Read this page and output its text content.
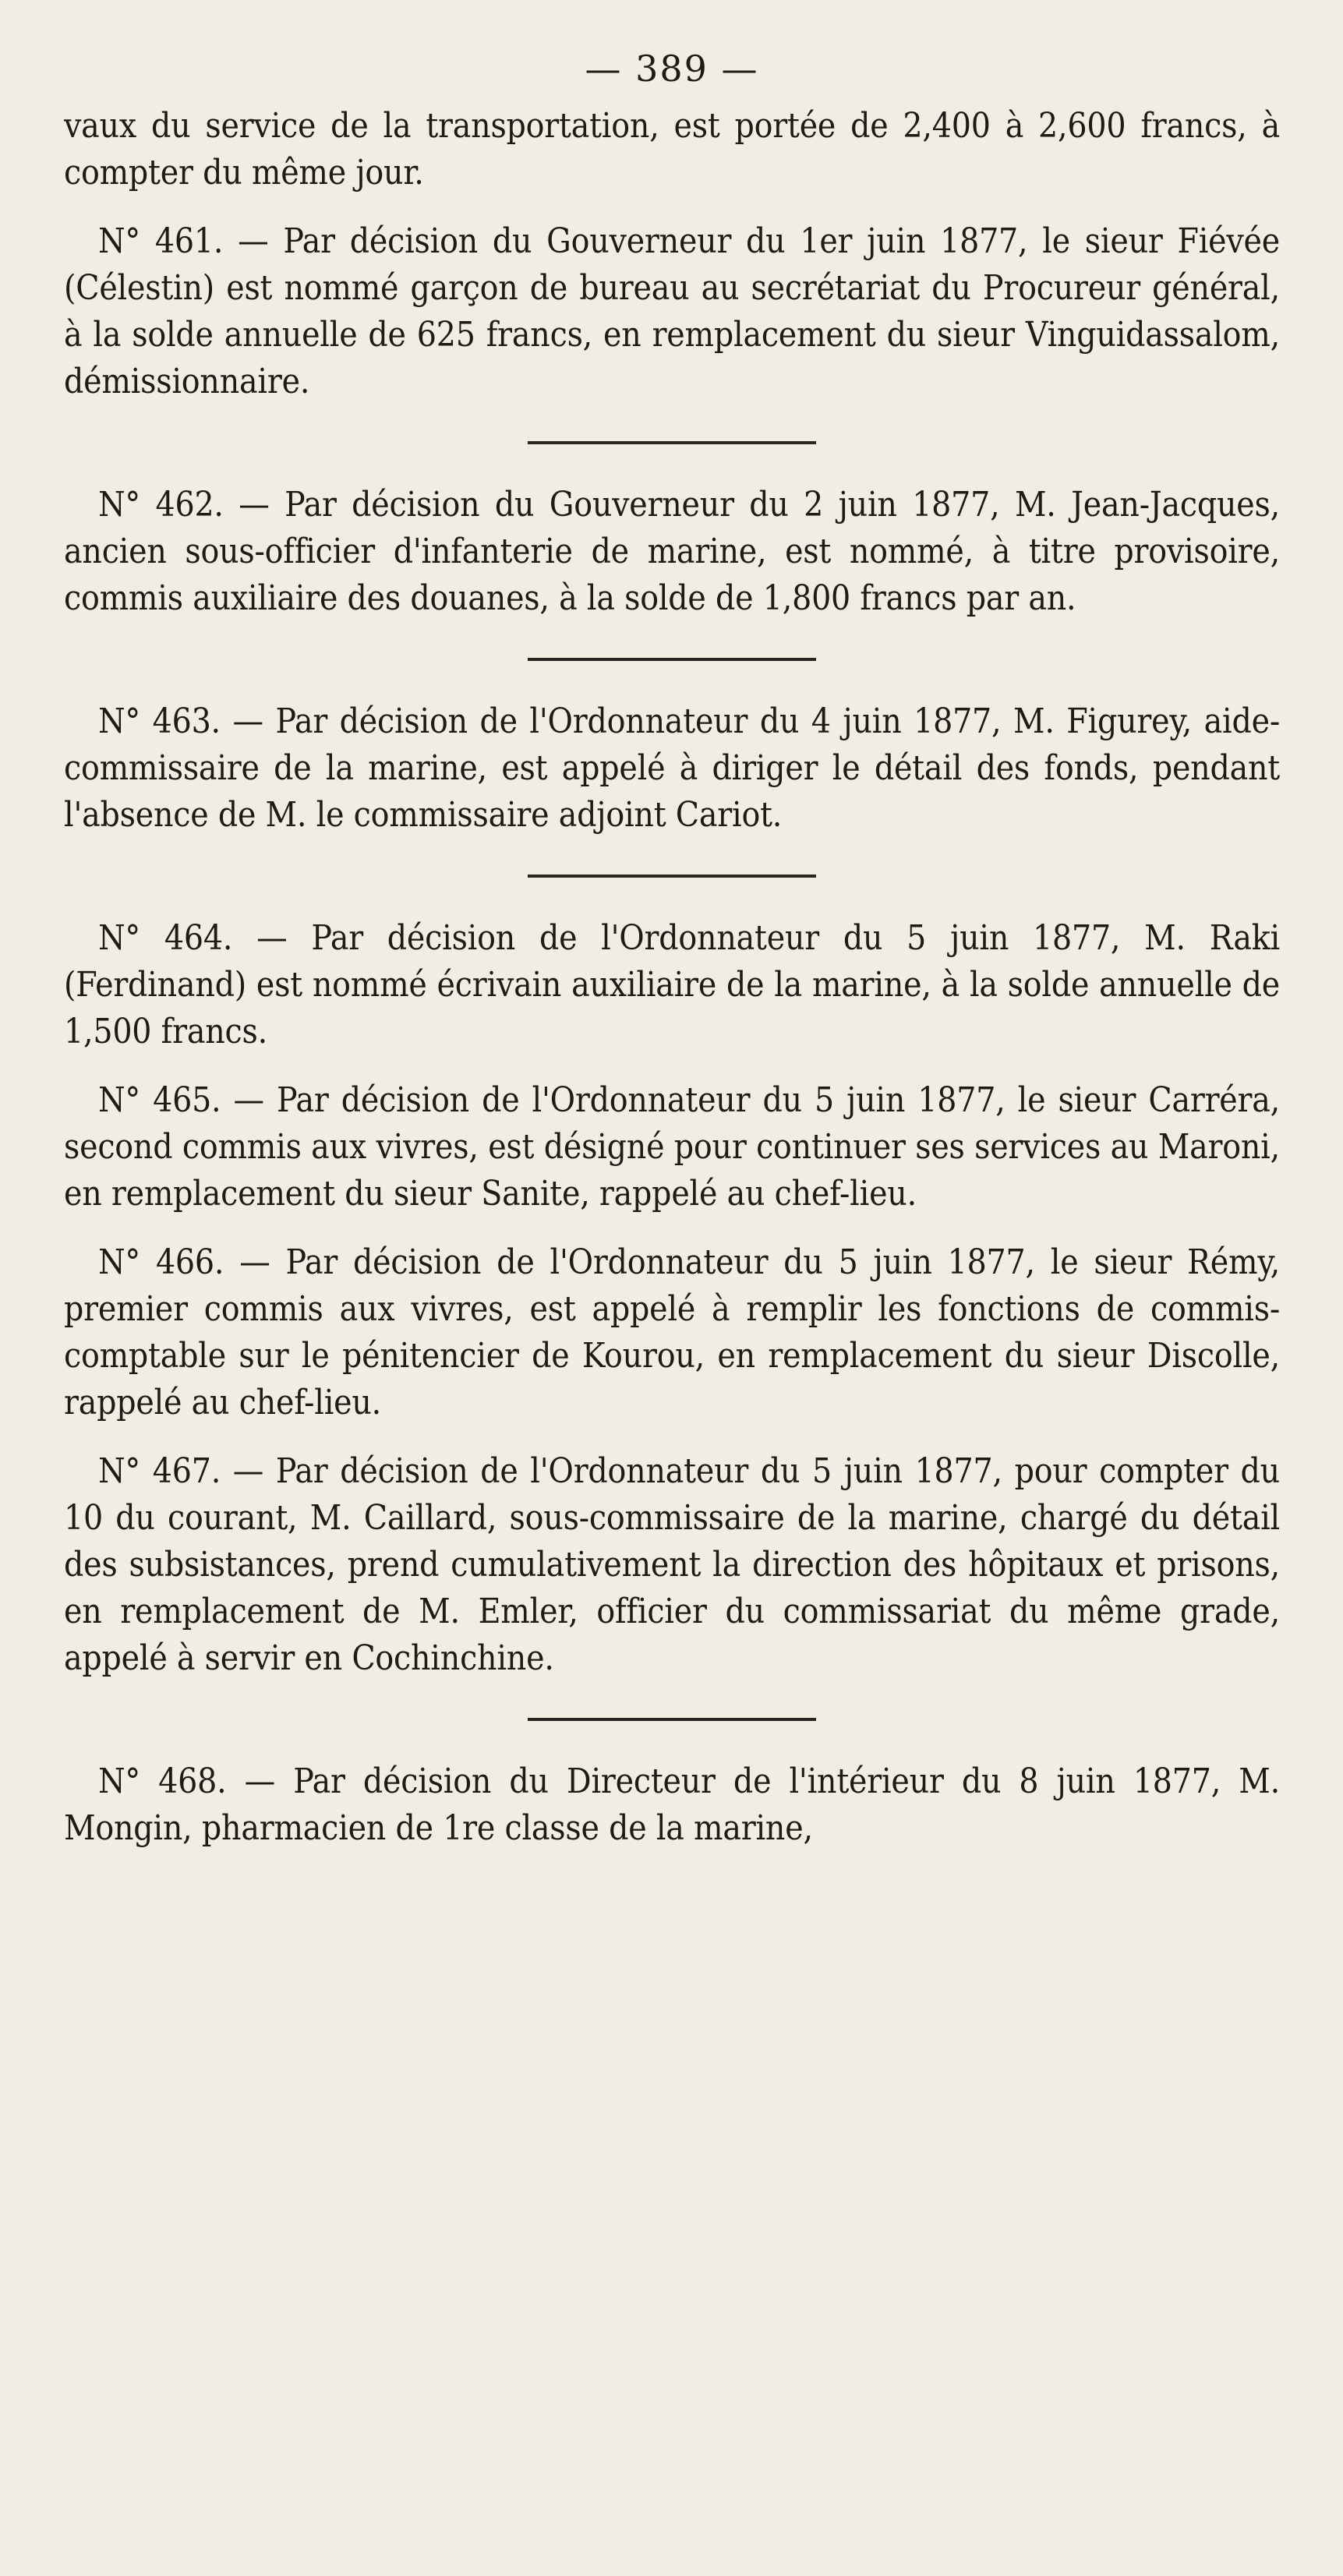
— 389 —

vaux du service de la transportation, est portée de 2,400 à 2,600 francs, à compter du même jour.

N° 461. — Par décision du Gouverneur du 1er juin 1877, le sieur Fiévée (Célestin) est nommé garçon de bureau au secrétariat du Procureur général, à la solde annuelle de 625 francs, en remplacement du sieur Vinguidassalom, démissionnaire.

N° 462. — Par décision du Gouverneur du 2 juin 1877, M. Jean-Jacques, ancien sous-officier d'infanterie de marine, est nommé, à titre provisoire, commis auxiliaire des douanes, à la solde de 1,800 francs par an.

N° 463. — Par décision de l'Ordonnateur du 4 juin 1877, M. Figurey, aide-commissaire de la marine, est appelé à diriger le détail des fonds, pendant l'absence de M. le commissaire adjoint Cariot.

N° 464. — Par décision de l'Ordonnateur du 5 juin 1877, M. Raki (Ferdinand) est nommé écrivain auxiliaire de la marine, à la solde annuelle de 1,500 francs.

N° 465. — Par décision de l'Ordonnateur du 5 juin 1877, le sieur Carréra, second commis aux vivres, est désigné pour continuer ses services au Maroni, en remplacement du sieur Sanite, rappelé au chef-lieu.

N° 466. — Par décision de l'Ordonnateur du 5 juin 1877, le sieur Rémy, premier commis aux vivres, est appelé à remplir les fonctions de commis-comptable sur le pénitencier de Kourou, en remplacement du sieur Discolle, rappelé au chef-lieu.

N° 467. — Par décision de l'Ordonnateur du 5 juin 1877, pour compter du 10 du courant, M. Caillard, sous-commissaire de la marine, chargé du détail des subsistances, prend cumulativement la direction des hôpitaux et prisons, en remplacement de M. Emler, officier du commissariat du même grade, appelé à servir en Cochinchine.

N° 468. — Par décision du Directeur de l'intérieur du 8 juin 1877, M. Mongin, pharmacien de 1re classe de la marine,
